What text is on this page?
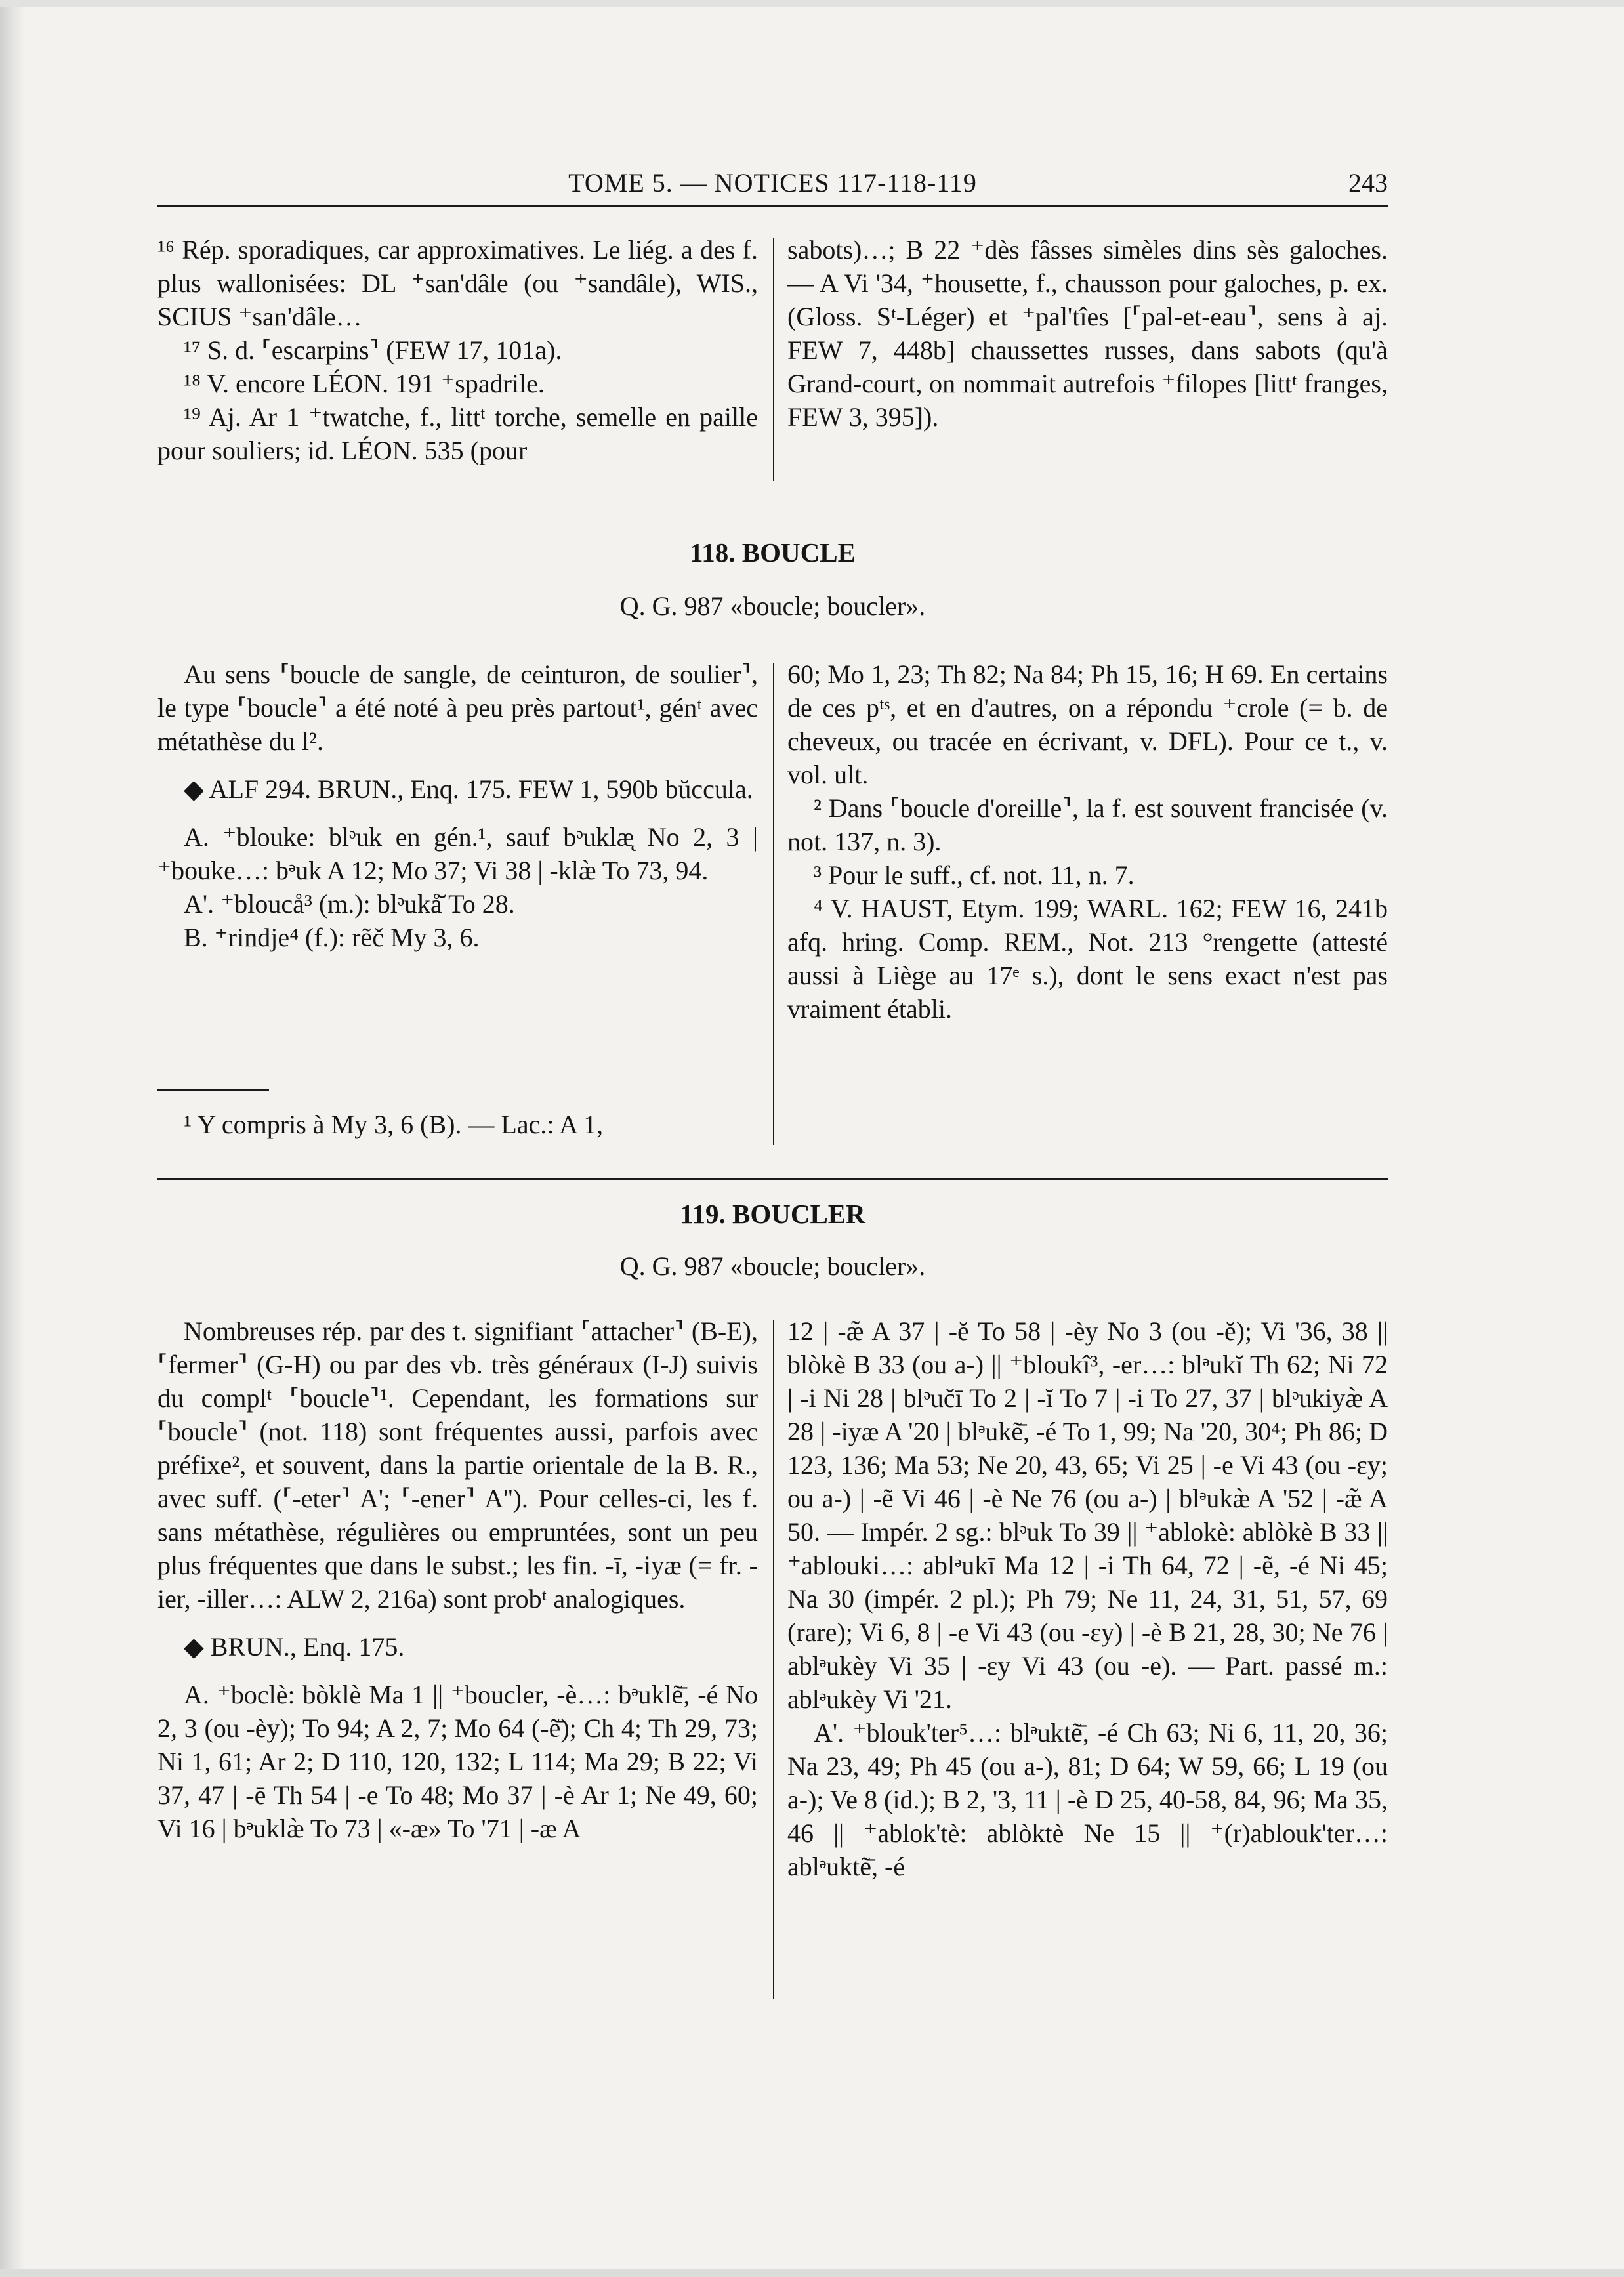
TOME 5. — NOTICES 117-118-119	243

¹⁶ Rép. sporadiques, car approximatives. Le liég. a des f. plus wallonisées: DL ⁺san'dâle (ou ⁺sandâle), WIS., SCIUS ⁺san'dâle…

¹⁷ S. d. ⸢escarpins⸣ (FEW 17, 101a).

¹⁸ V. encore LÉON. 191 ⁺spadrile.

¹⁹ Aj. Ar 1 ⁺twatche, f., littᵗ torche, semelle en paille pour souliers; id. LÉON. 535 (pour

sabots)…; B 22 ⁺dès fâsses simèles dins sès galoches. — A Vi '34, ⁺housette, f., chausson pour galoches, p. ex. (Gloss. Sᵗ-Léger) et ⁺pal'tîes [⸢pal-et-eau⸣, sens à aj. FEW 7, 448b] chaussettes russes, dans sabots (qu'à Grand-court, on nommait autrefois ⁺filopes [littᵗ franges, FEW 3, 395]).

118. BOUCLE
Q. G. 987 «boucle; boucler».

Au sens ⸢boucle de sangle, de ceinturon, de soulier⸣, le type ⸢boucle⸣ a été noté à peu près partout¹, génᵗ avec métathèse du l².

◆ ALF 294. BRUN., Enq. 175. FEW 1, 590b bŭccula.

A. ⁺blouke: blᵊuk en gén.¹, sauf bᵊuklæ̨ No 2, 3 | ⁺bouke…: bᵊuk A 12; Mo 37; Vi 38 | -klæ̀ To 73, 94.

A'. ⁺bloucå³ (m.): blᵊukå̆ To 28.

B. ⁺rindje⁴ (f.): rẽč My 3, 6.

60; Mo 1, 23; Th 82; Na 84; Ph 15, 16; H 69. En certains de ces pᵗˢ, et en d'autres, on a répondu ⁺crole (= b. de cheveux, ou tracée en écrivant, v. DFL). Pour ce t., v. vol. ult.

² Dans ⸢boucle d'oreille⸣, la f. est souvent francisée (v. not. 137, n. 3).

³ Pour le suff., cf. not. 11, n. 7.

⁴ V. HAUST, Etym. 199; WARL. 162; FEW 16, 241b afq. hring. Comp. REM., Not. 213 °rengette (attesté aussi à Liège au 17ᵉ s.), dont le sens exact n'est pas vraiment établi.

¹ Y compris à My 3, 6 (B). — Lac.: A 1,

119. BOUCLER
Q. G. 987 «boucle; boucler».

Nombreuses rép. par des t. signifiant ⸢attacher⸣ (B-E), ⸢fermer⸣ (G-H) ou par des vb. très généraux (I-J) suivis du complᵗ ⸢boucle⸣¹. Cependant, les formations sur ⸢boucle⸣ (not. 118) sont fréquentes aussi, parfois avec préfixe², et souvent, dans la partie orientale de la B. R., avec suff. (⸢-eter⸣ A'; ⸢-ener⸣ A''). Pour celles-ci, les f. sans métathèse, régulières ou empruntées, sont un peu plus fréquentes que dans le subst.; les fin. -ī, -iyæ (= fr. -ier, -iller…: ALW 2, 216a) sont probᵗ analogiques.

◆ BRUN., Enq. 175.

A. ⁺bоclè: bòklè Ma 1 || ⁺boucler, -è…: bᵊuklẽ̄, -é No 2, 3 (ou -èy); To 94; A 2, 7; Mo 64 (-ẽ̄); Ch 4; Th 29, 73; Ni 1, 61; Ar 2; D 110, 120, 132; L 114; Ma 29; B 22; Vi 37, 47 | -ē Th 54 | -e To 48; Mo 37 | -è Ar 1; Ne 49, 60; Vi 16 | bᵊuklæ̀ To 73 | «-æ» To '71 | -æ A

12 | -æ̃ A 37 | -ĕ To 58 | -èy No 3 (ou -ĕ); Vi '36, 38 || blòkè B 33 (ou a-) || ⁺bloukî³, -er…: blᵊukĭ Th 62; Ni 72 | -i Ni 28 | blᵊučī To 2 | -ĭ To 7 | -i To 27, 37 | blᵊukiyæ̀ A 28 | -iyæ A '20 | blᵊukẽ̄, -é To 1, 99; Na '20, 30⁴; Ph 86; D 123, 136; Ma 53; Ne 20, 43, 65; Vi 25 | -e Vi 43 (ou -εy; ou a-) | -ẽ Vi 46 | -è Ne 76 (ou a-) | blᵊukæ̀ A '52 | -æ̃ A 50. — Impér. 2 sg.: blᵊuk To 39 || ⁺ablokè: ablòkè B 33 || ⁺ablouki…: ablᵊukī Ma 12 | -i Th 64, 72 | -ẽ, -é Ni 45; Na 30 (impér. 2 pl.); Ph 79; Ne 11, 24, 31, 51, 57, 69 (rare); Vi 6, 8 | -e Vi 43 (ou -εy) | -è B 21, 28, 30; Ne 76 | ablᵊukèy Vi 35 | -εy Vi 43 (ou -e). — Part. passé m.: ablᵊukèy Vi '21.

A'. ⁺blouk'ter⁵…: blᵊuktẽ̄, -é Ch 63; Ni 6, 11, 20, 36; Na 23, 49; Ph 45 (ou a-), 81; D 64; W 59, 66; L 19 (ou a-); Ve 8 (id.); B 2, '3, 11 | -è D 25, 40-58, 84, 96; Ma 35, 46 || ⁺ablok'tè: ablòktè Ne 15 || ⁺(r)ablouk'ter…: ablᵊuktẽ̄, -é
